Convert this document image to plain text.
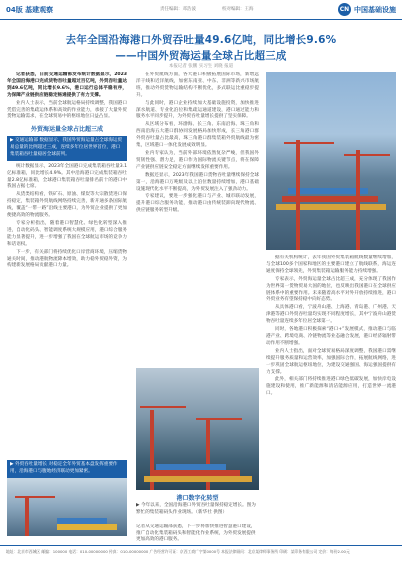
04版 基建观察	责任编辑：邓浩波	校对编辑：王海	CN 中国基础设施
去年全国沿海港口外贸吞吐量49.6亿吨，同比增长9.6%
——中国外贸海运量全球占比超三成
本报记者 张鹏 实习生 刘晓 报道

记者获悉，日前交通运输部发布统计数据显示，2023年全国沿海港口完成货物吞吐量超过百亿吨，外贸吞吐量达到49.6亿吨，同比增长9.6%，港口运行总体平稳有序，为保障产业链供应链稳定畅通提供了有力支撑。

业内人士表示，当前全球航运格局持续调整，我国港口凭借完善的集疏运体系和高效的作业能力，承接了大量外贸货物运输需求，在全球贸易中的枢纽地位日益凸显。

外贸海运量全球占比超三成
▶ 交通运输部 数据显示，我国外贸海运量占全球海运贸易总量的比例超过三成，连续多年位居世界首位，港口集装箱吞吐量稳居全球前列。

统计数据显示，2023年全国港口完成集装箱吞吐量3.1亿标准箱，同比增长4.9%。其中沿海港口完成集装箱吞吐量2.8亿标准箱，全球港口集装箱吞吐量排名前十的港口中我国占据七席。

从货类结构看，铁矿石、原油、煤炭等大宗散货进口保持稳定，集装箱外贸航线网络持续完善，新开通多条国际航线，覆盖“一带一路”沿线主要港口，为外贸企业提供了更加便捷高效的物流服务。

专家分析指出，随着港口智慧化、绿色化转型深入推进，自动化码头、智能调度系统大规模应用，港口综合服务能力显著提升，进一步增强了我国在全球航运市场的竞争力和话语权。

下一步，有关部门将持续优化口岸营商环境，压缩货物通关时间，推动港航物流降本增效，助力稳外贸稳外资，为构建新发展格局贡献港口力量。

▶ 外贸吞吐量增长 对稳定全年外贸基本盘发挥重要作用，沿海港口与腹地经济联动更加紧密。

在外贸航线方面，各大港口积极拓展国际市场，新增远洋干线和近洋航线，加密东南亚、中东、非洲等新兴市场航班，推动外贸货物运输结构不断优化，多式联运比重稳步提升。

与此同时，港口企业持续加大基础设施投资，加快推进深水航道、专业化泊位和集疏运通道建设，港口通过能力和服务水平同步提升，为外贸吞吐量增长提供了坚实保障。

从区域分布看，环渤海、长三角、东南沿海、珠三角和西南沿海五大港口群协同发展格局加快形成，长三角港口群外贸吞吐量占比最高，珠三角港口群集装箱外贸航线最为密集，区域港口一体化发展成效明显。

业内专家认为，当前外部环境依然复杂严峻，但我国外贸韧性强、潜力足，港口作为国际物流关键节点，将在保障产业链供应链安全稳定方面继续发挥重要作用。

数据还显示，2023年我国港口货物吞吐量继续保持全球第一，沿海港口万吨级及以上泊位数量持续增加，港口基础设施现代化水平不断提高，为外贸发展注入了强劲动力。

专家建议，要进一步强化港口与产业、城市联动发展，提升港口综合服务功能，推动港口由传统装卸向现代物流、供应链服务转型升级。

港口数字化转型
▶ 今年以来，全国沿海港口外贸吞吐量保持稳定增长。图为繁忙的集装箱码头作业现场。（新华社 供图）
记者从交通运输部获悉，下一步将加快推进智慧港口建设，推广自动化集装箱码头和智能化作业系统，为外贸发展提供更加高效的港口服务。

据有关机构统计，去年我国外贸集装箱航线数量继续增加，与全球100多个国家和地区的主要港口建立了航线联系，海运连通度保持全球领先，外贸集装箱运输服务能力持续增强。

专家表示，外贸海运量全球占比超三成，充分体现了我国作为世界第一货物贸易大国的地位，也反映出我国港口在全球供应链体系中的重要作用。未来随着高水平对外开放持续推进，港口外贸业务有望保持稳中向好态势。

从具体港口看，宁波舟山港、上海港、青岛港、广州港、天津港等港口外贸吞吐量均实现不同程度增长，其中宁波舟山港货物吞吐量连续多年位居全球第一。

同时，各地港口积极探索“港口+”发展模式，推动港口与临港产业、跨境电商、冷链物流等业态融合发展，港口经济辐射带动作用不断增强。

业内人士指出，面对全球贸易格局深度调整，我国港口需继续提升服务质量和运营效率，加强国际合作，拓展航线网络，进一步巩固全球航运枢纽地位，为建设交通强国、海运强国提供有力支撑。

此外，相关部门将持续推进港口绿色低碳发展，加快岸电设施建设和使用，推广新能源和清洁能源应用，打造世界一流港口。

地址：北京市西城区 邮编：100000 电话：010-00000000 传真：010-00000000 广告经营许可证：京西工商广字第0000号 本报法律顾问：北京某律师事务所 印刷：某印务有限公司 定价：每份2.00元
